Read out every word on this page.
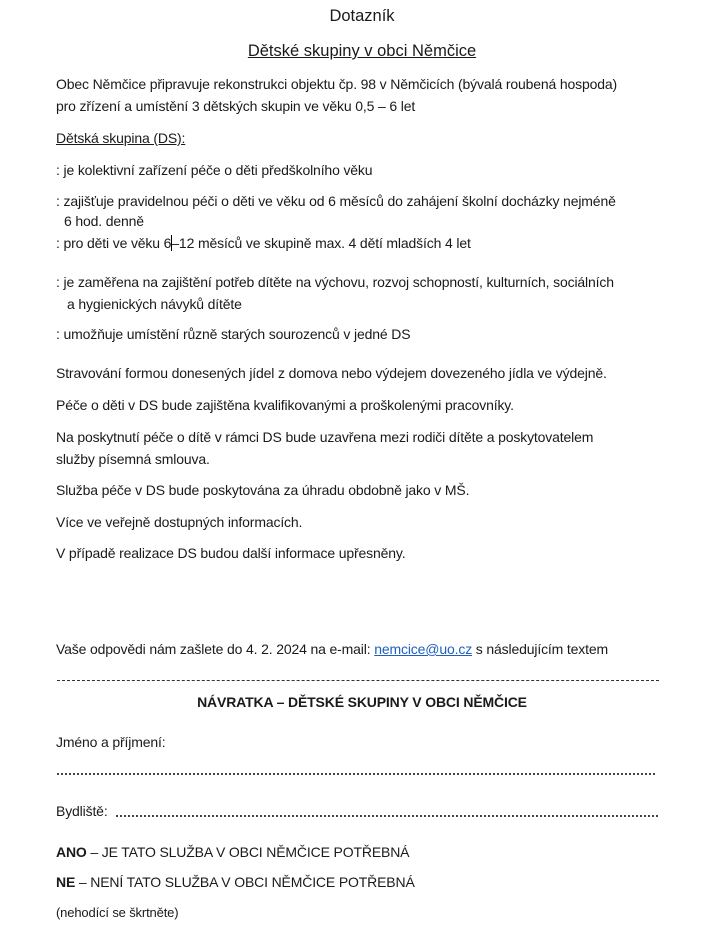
Dotazník
Dětské skupiny v obci Němčice
Obec Němčice připravuje rekonstrukci objektu čp. 98 v Němčicích (bývalá roubená hospoda)
pro zřízení a umístění 3 dětských skupin ve věku 0,5 – 6 let
Dětská skupina (DS):
: je kolektivní zařízení péče o děti předškolního věku
: zajišťuje pravidelnou péči o děti ve věku od 6 měsíců do zahájení školní docházky nejméně
6 hod. denně
: pro děti ve věku 6–12 měsíců ve skupině max. 4 dětí mladších 4 let
: je zaměřena na zajištění potřeb dítěte na výchovu, rozvoj schopností, kulturních, sociálních
a hygienických návyků dítěte
: umožňuje umístění různě starých sourozenců v jedné DS
Stravování formou donesených jídel z domova nebo výdejem dovezeného jídla ve výdejně.
Péče o děti v DS bude zajištěna kvalifikovanými a proškolenými pracovníky.
Na poskytnutí péče o dítě v rámci DS bude uzavřena mezi rodiči dítěte a poskytovatelem
služby písemná smlouva.
Služba péče v DS bude poskytována za úhradu obdobně jako v MŠ.
Více ve veřejně dostupných informacích.
V případě realizace DS budou další informace upřesněny.
Vaše odpovědi nám zašlete do 4. 2. 2024 na e-mail: nemcice@uo.cz s následujícím textem
NÁVRATKA – DĚTSKÉ SKUPINY V OBCI NĚMČICE
Jméno a příjmení:
Bydliště:
ANO – JE TATO SLUŽBA V OBCI NĚMČICE POTŘEBNÁ
NE – NENÍ TATO SLUŽBA V OBCI NĚMČICE POTŘEBNÁ
(nehodící se škrtněte)
